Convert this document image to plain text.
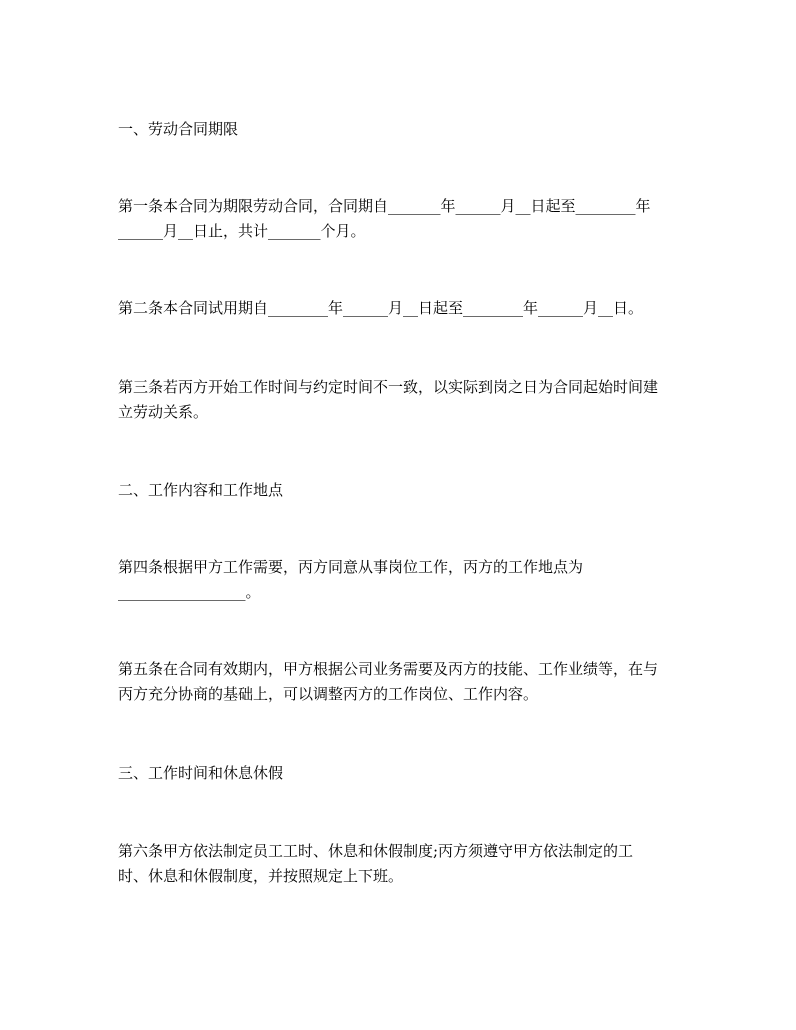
一、劳动合同期限
第一条本合同为期限劳动合同，合同期自_______年______月__日起至________年
______月__日止，共计_______个月。
第二条本合同试用期自________年______月__日起至________年______月__日。
第三条若丙方开始工作时间与约定时间不一致，以实际到岗之日为合同起始时间建
立劳动关系。
二、工作内容和工作地点
第四条根据甲方工作需要，丙方同意从事岗位工作，丙方的工作地点为
_________________。
第五条在合同有效期内，甲方根据公司业务需要及丙方的技能、工作业绩等，在与
丙方充分协商的基础上，可以调整丙方的工作岗位、工作内容。
三、工作时间和休息休假
第六条甲方依法制定员工工时、休息和休假制度;丙方须遵守甲方依法制定的工
时、休息和休假制度，并按照规定上下班。
